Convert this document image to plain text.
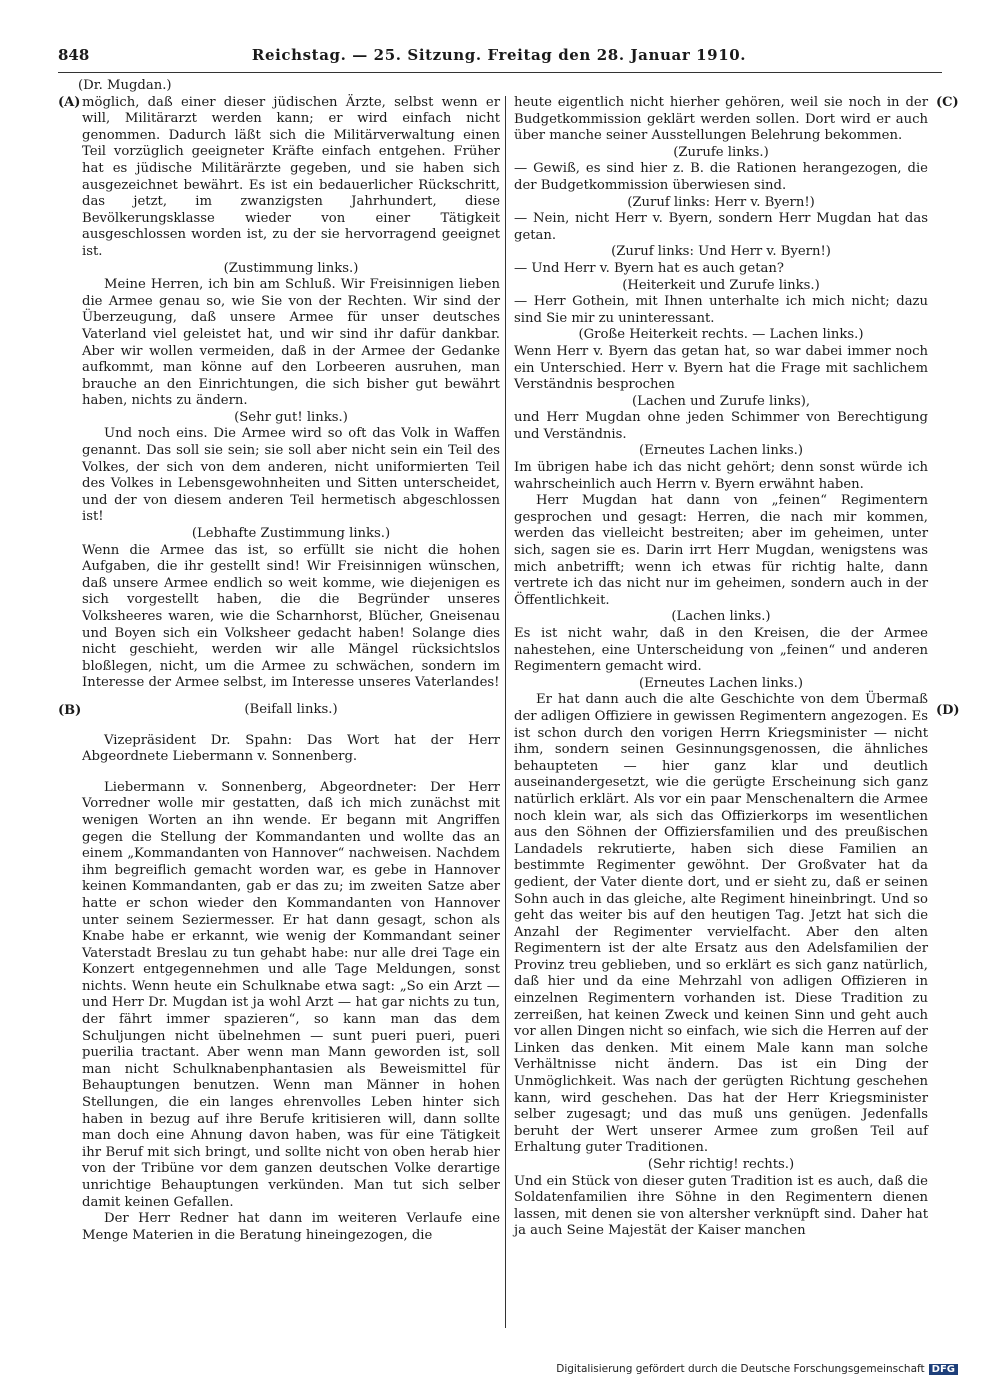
848	Reichstag. — 25. Sitzung. Freitag den 28. Januar 1910.
(A)
(B)
(C)
(D)

(Dr. Mugdan.)

möglich, daß einer dieser jüdischen Ärzte, selbst wenn er will, Militärarzt werden kann; er wird einfach nicht genommen. Dadurch läßt sich die Militärverwaltung einen Teil vorzüglich geeigneter Kräfte einfach entgehen. Früher hat es jüdische Militärärzte gegeben, und sie haben sich ausgezeichnet bewährt. Es ist ein bedauerlicher Rückschritt, das jetzt, im zwanzigsten Jahrhundert, diese Bevölkerungsklasse wieder von einer Tätigkeit ausgeschlossen worden ist, zu der sie hervorragend geeignet ist.

(Zustimmung links.)

Meine Herren, ich bin am Schluß. Wir Freisinnigen lieben die Armee genau so, wie Sie von der Rechten. Wir sind der Überzeugung, daß unsere Armee für unser deutsches Vaterland viel geleistet hat, und wir sind ihr dafür dankbar. Aber wir wollen vermeiden, daß in der Armee der Gedanke aufkommt, man könne auf den Lorbeeren ausruhen, man brauche an den Einrichtungen, die sich bisher gut bewährt haben, nichts zu ändern.

(Sehr gut! links.)

Und noch eins. Die Armee wird so oft das Volk in Waffen genannt. Das soll sie sein; sie soll aber nicht sein ein Teil des Volkes, der sich von dem anderen, nicht uniformierten Teil des Volkes in Lebensgewohnheiten und Sitten unterscheidet, und der von diesem anderen Teil hermetisch abgeschlossen ist!

(Lebhafte Zustimmung links.)

Wenn die Armee das ist, so erfüllt sie nicht die hohen Aufgaben, die ihr gestellt sind! Wir Freisinnigen wünschen, daß unsere Armee endlich so weit komme, wie diejenigen es sich vorgestellt haben, die die Begründer unseres Volksheeres waren, wie die Scharnhorst, Blücher, Gneisenau und Boyen sich ein Volksheer gedacht haben! Solange dies nicht geschieht, werden wir alle Mängel rücksichtslos bloßlegen, nicht, um die Armee zu schwächen, sondern im Interesse der Armee selbst, im Interesse unseres Vaterlandes!

(Beifall links.)

Vizepräsident Dr. Spahn: Das Wort hat der Herr Abgeordnete Liebermann v. Sonnenberg.

Liebermann v. Sonnenberg, Abgeordneter: Der Herr Vorredner wolle mir gestatten, daß ich mich zunächst mit wenigen Worten an ihn wende. Er begann mit Angriffen gegen die Stellung der Kommandanten und wollte das an einem „Kommandanten von Hannover“ nachweisen. Nachdem ihm begreiflich gemacht worden war, es gebe in Hannover keinen Kommandanten, gab er das zu; im zweiten Satze aber hatte er schon wieder den Kommandanten von Hannover unter seinem Seziermesser. Er hat dann gesagt, schon als Knabe habe er erkannt, wie wenig der Kommandant seiner Vaterstadt Breslau zu tun gehabt habe: nur alle drei Tage ein Konzert entgegennehmen und alle Tage Meldungen, sonst nichts. Wenn heute ein Schulknabe etwa sagt: „So ein Arzt — und Herr Dr. Mugdan ist ja wohl Arzt — hat gar nichts zu tun, der fährt immer spazieren“, so kann man das dem Schuljungen nicht übelnehmen — sunt pueri pueri, pueri puerilia tractant. Aber wenn man Mann geworden ist, soll man nicht Schulknabenphantasien als Beweismittel für Behauptungen benutzen. Wenn man Männer in hohen Stellungen, die ein langes ehrenvolles Leben hinter sich haben in bezug auf ihre Berufe kritisieren will, dann sollte man doch eine Ahnung davon haben, was für eine Tätigkeit ihr Beruf mit sich bringt, und sollte nicht von oben herab hier von der Tribüne vor dem ganzen deutschen Volke derartige unrichtige Behauptungen verkünden. Man tut sich selber damit keinen Gefallen.

Der Herr Redner hat dann im weiteren Verlaufe eine Menge Materien in die Beratung hineingezogen, die

heute eigentlich nicht hierher gehören, weil sie noch in der Budgetkommission geklärt werden sollen. Dort wird er auch über manche seiner Ausstellungen Belehrung bekommen.

(Zurufe links.)

— Gewiß, es sind hier z. B. die Rationen herangezogen, die der Budgetkommission überwiesen sind.

(Zuruf links: Herr v. Byern!)

— Nein, nicht Herr v. Byern, sondern Herr Mugdan hat das getan.

(Zuruf links: Und Herr v. Byern!)

— Und Herr v. Byern hat es auch getan?

(Heiterkeit und Zurufe links.)

— Herr Gothein, mit Ihnen unterhalte ich mich nicht; dazu sind Sie mir zu uninteressant.

(Große Heiterkeit rechts. — Lachen links.)

Wenn Herr v. Byern das getan hat, so war dabei immer noch ein Unterschied. Herr v. Byern hat die Frage mit sachlichem Verständnis besprochen

(Lachen und Zurufe links),

und Herr Mugdan ohne jeden Schimmer von Berechtigung und Verständnis.

(Erneutes Lachen links.)

Im übrigen habe ich das nicht gehört; denn sonst würde ich wahrscheinlich auch Herrn v. Byern erwähnt haben.

Herr Mugdan hat dann von „feinen“ Regimentern gesprochen und gesagt: Herren, die nach mir kommen, werden das vielleicht bestreiten; aber im geheimen, unter sich, sagen sie es. Darin irrt Herr Mugdan, wenigstens was mich anbetrifft; wenn ich etwas für richtig halte, dann vertrete ich das nicht nur im geheimen, sondern auch in der Öffentlichkeit.

(Lachen links.)

Es ist nicht wahr, daß in den Kreisen, die der Armee nahestehen, eine Unterscheidung von „feinen“ und anderen Regimentern gemacht wird.

(Erneutes Lachen links.)

Er hat dann auch die alte Geschichte von dem Übermaß der adligen Offiziere in gewissen Regimentern angezogen. Es ist schon durch den vorigen Herrn Kriegsminister — nicht ihm, sondern seinen Gesinnungsgenossen, die ähnliches behaupteten — hier ganz klar und deutlich auseinandergesetzt, wie die gerügte Erscheinung sich ganz natürlich erklärt. Als vor ein paar Menschenaltern die Armee noch klein war, als sich das Offizierkorps im wesentlichen aus den Söhnen der Offiziersfamilien und des preußischen Landadels rekrutierte, haben sich diese Familien an bestimmte Regimenter gewöhnt. Der Großvater hat da gedient, der Vater diente dort, und er sieht zu, daß er seinen Sohn auch in das gleiche, alte Regiment hineinbringt. Und so geht das weiter bis auf den heutigen Tag. Jetzt hat sich die Anzahl der Regimenter vervielfacht. Aber den alten Regimentern ist der alte Ersatz aus den Adelsfamilien der Provinz treu geblieben, und so erklärt es sich ganz natürlich, daß hier und da eine Mehrzahl von adligen Offizieren in einzelnen Regimentern vorhanden ist. Diese Tradition zu zerreißen, hat keinen Zweck und keinen Sinn und geht auch vor allen Dingen nicht so einfach, wie sich die Herren auf der Linken das denken. Mit einem Male kann man solche Verhältnisse nicht ändern. Das ist ein Ding der Unmöglichkeit. Was nach der gerügten Richtung geschehen kann, wird geschehen. Das hat der Herr Kriegsminister selber zugesagt; und das muß uns genügen. Jedenfalls beruht der Wert unserer Armee zum großen Teil auf Erhaltung guter Traditionen.

(Sehr richtig! rechts.)

Und ein Stück von dieser guten Tradition ist es auch, daß die Soldatenfamilien ihre Söhne in den Regimentern dienen lassen, mit denen sie von altersher verknüpft sind. Daher hat ja auch Seine Majestät der Kaiser manchen

Digitalisierung gefördert durch die Deutsche Forschungsgemeinschaft DFG
